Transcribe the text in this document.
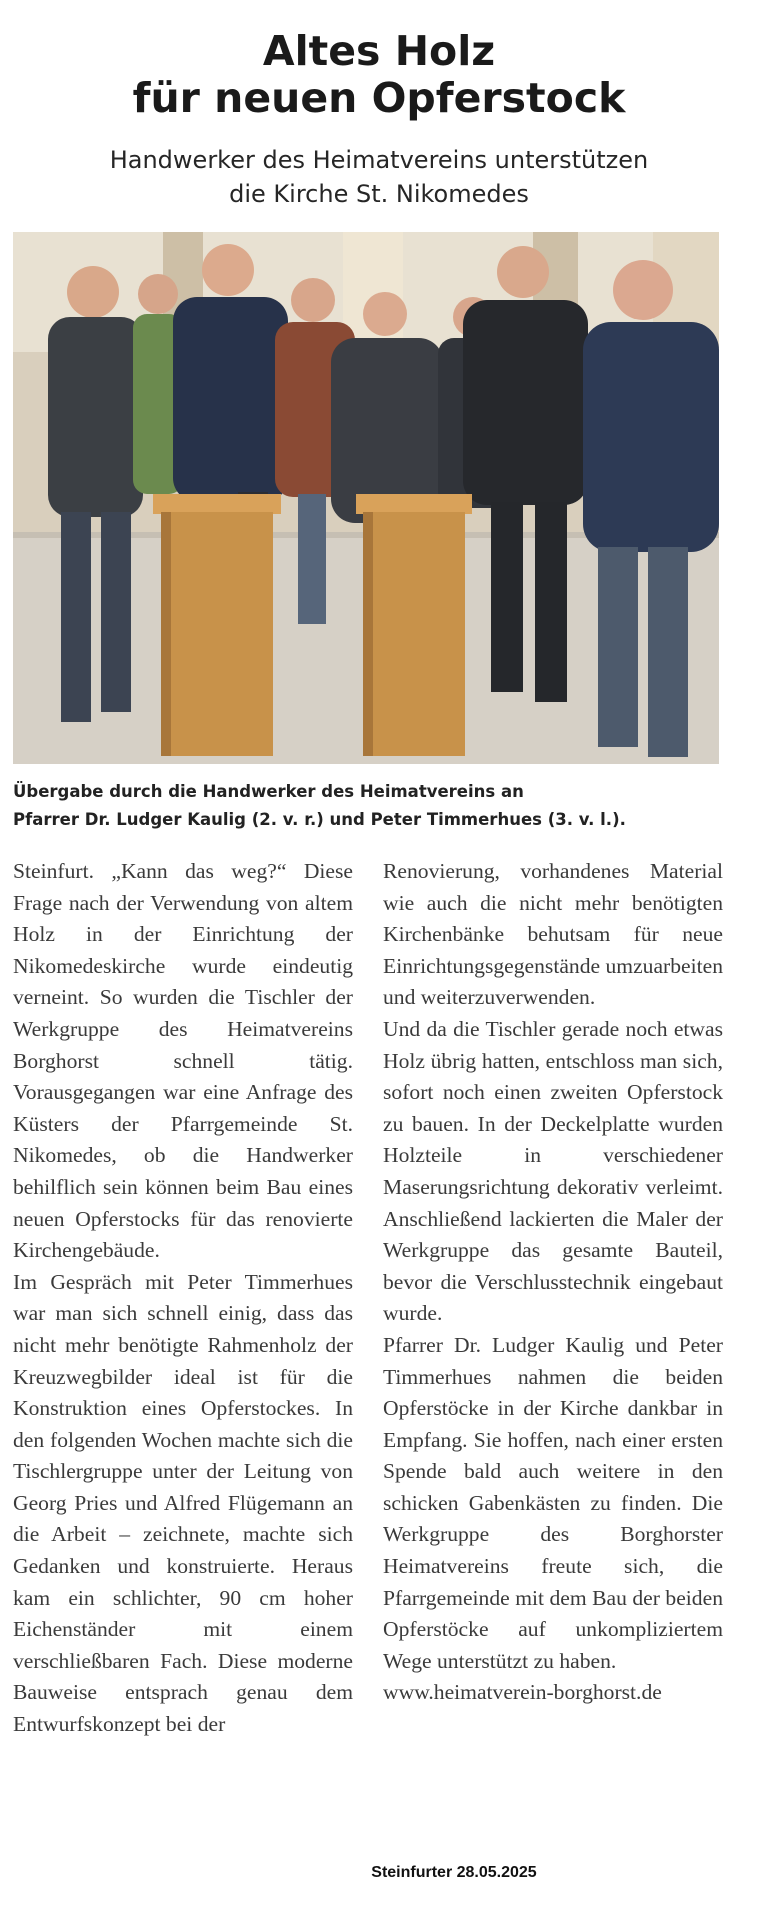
Altes Holz
für neuen Opferstock
Handwerker des Heimatvereins unterstützen
die Kirche St. Nikomedes
Übergabe durch die Handwerker des Heimatvereins an
Pfarrer Dr. Ludger Kaulig (2. v. r.) und Peter Timmerhues (3. v. l.).

Steinfurt. „Kann das weg?“ Diese Frage nach der Verwendung von altem Holz in der Einrichtung der Nikomedeskirche wurde eindeutig verneint. So wurden die Tischler der Werkgruppe des Heimatvereins Borghorst schnell tätig. Vorausgegangen war eine Anfrage des Küsters der Pfarrgemeinde St. Nikomedes, ob die Handwerker behilflich sein können beim Bau eines neuen Opferstocks für das renovierte Kirchengebäude.

Im Gespräch mit Peter Timmerhues war man sich schnell einig, dass das nicht mehr benötigte Rahmenholz der Kreuzwegbilder ideal ist für die Konstruktion eines Opferstockes. In den folgenden Wochen machte sich die Tischlergruppe unter der Leitung von Georg Pries und Alfred Flügemann an die Arbeit – zeichnete, machte sich Gedanken und konstruierte. Heraus kam ein schlichter, 90 cm hoher Eichenständer mit einem verschließbaren Fach. Diese moderne Bauweise entsprach genau dem Entwurfskonzept bei der

Renovierung, vorhandenes Material wie auch die nicht mehr benötigten Kirchenbänke behutsam für neue Einrichtungsgegenstände umzuarbeiten und weiterzuverwenden.

Und da die Tischler gerade noch etwas Holz übrig hatten, entschloss man sich, sofort noch einen zweiten Opferstock zu bauen. In der Deckelplatte wurden Holzteile in verschiedener Maserungsrichtung dekorativ verleimt. Anschließend lackierten die Maler der Werkgruppe das gesamte Bauteil, bevor die Verschlusstechnik eingebaut wurde.

Pfarrer Dr. Ludger Kaulig und Peter Timmerhues nahmen die beiden Opferstöcke in der Kirche dankbar in Empfang. Sie hoffen, nach einer ersten Spende bald auch weitere in den schicken Gabenkästen zu finden. Die Werkgruppe des Borghorster Heimatvereins freute sich, die Pfarrgemeinde mit dem Bau der beiden Opferstöcke auf unkompliziertem Wege unterstützt zu haben.

www.heimatverein-borghorst.de

Steinfurter 28.05.2025
